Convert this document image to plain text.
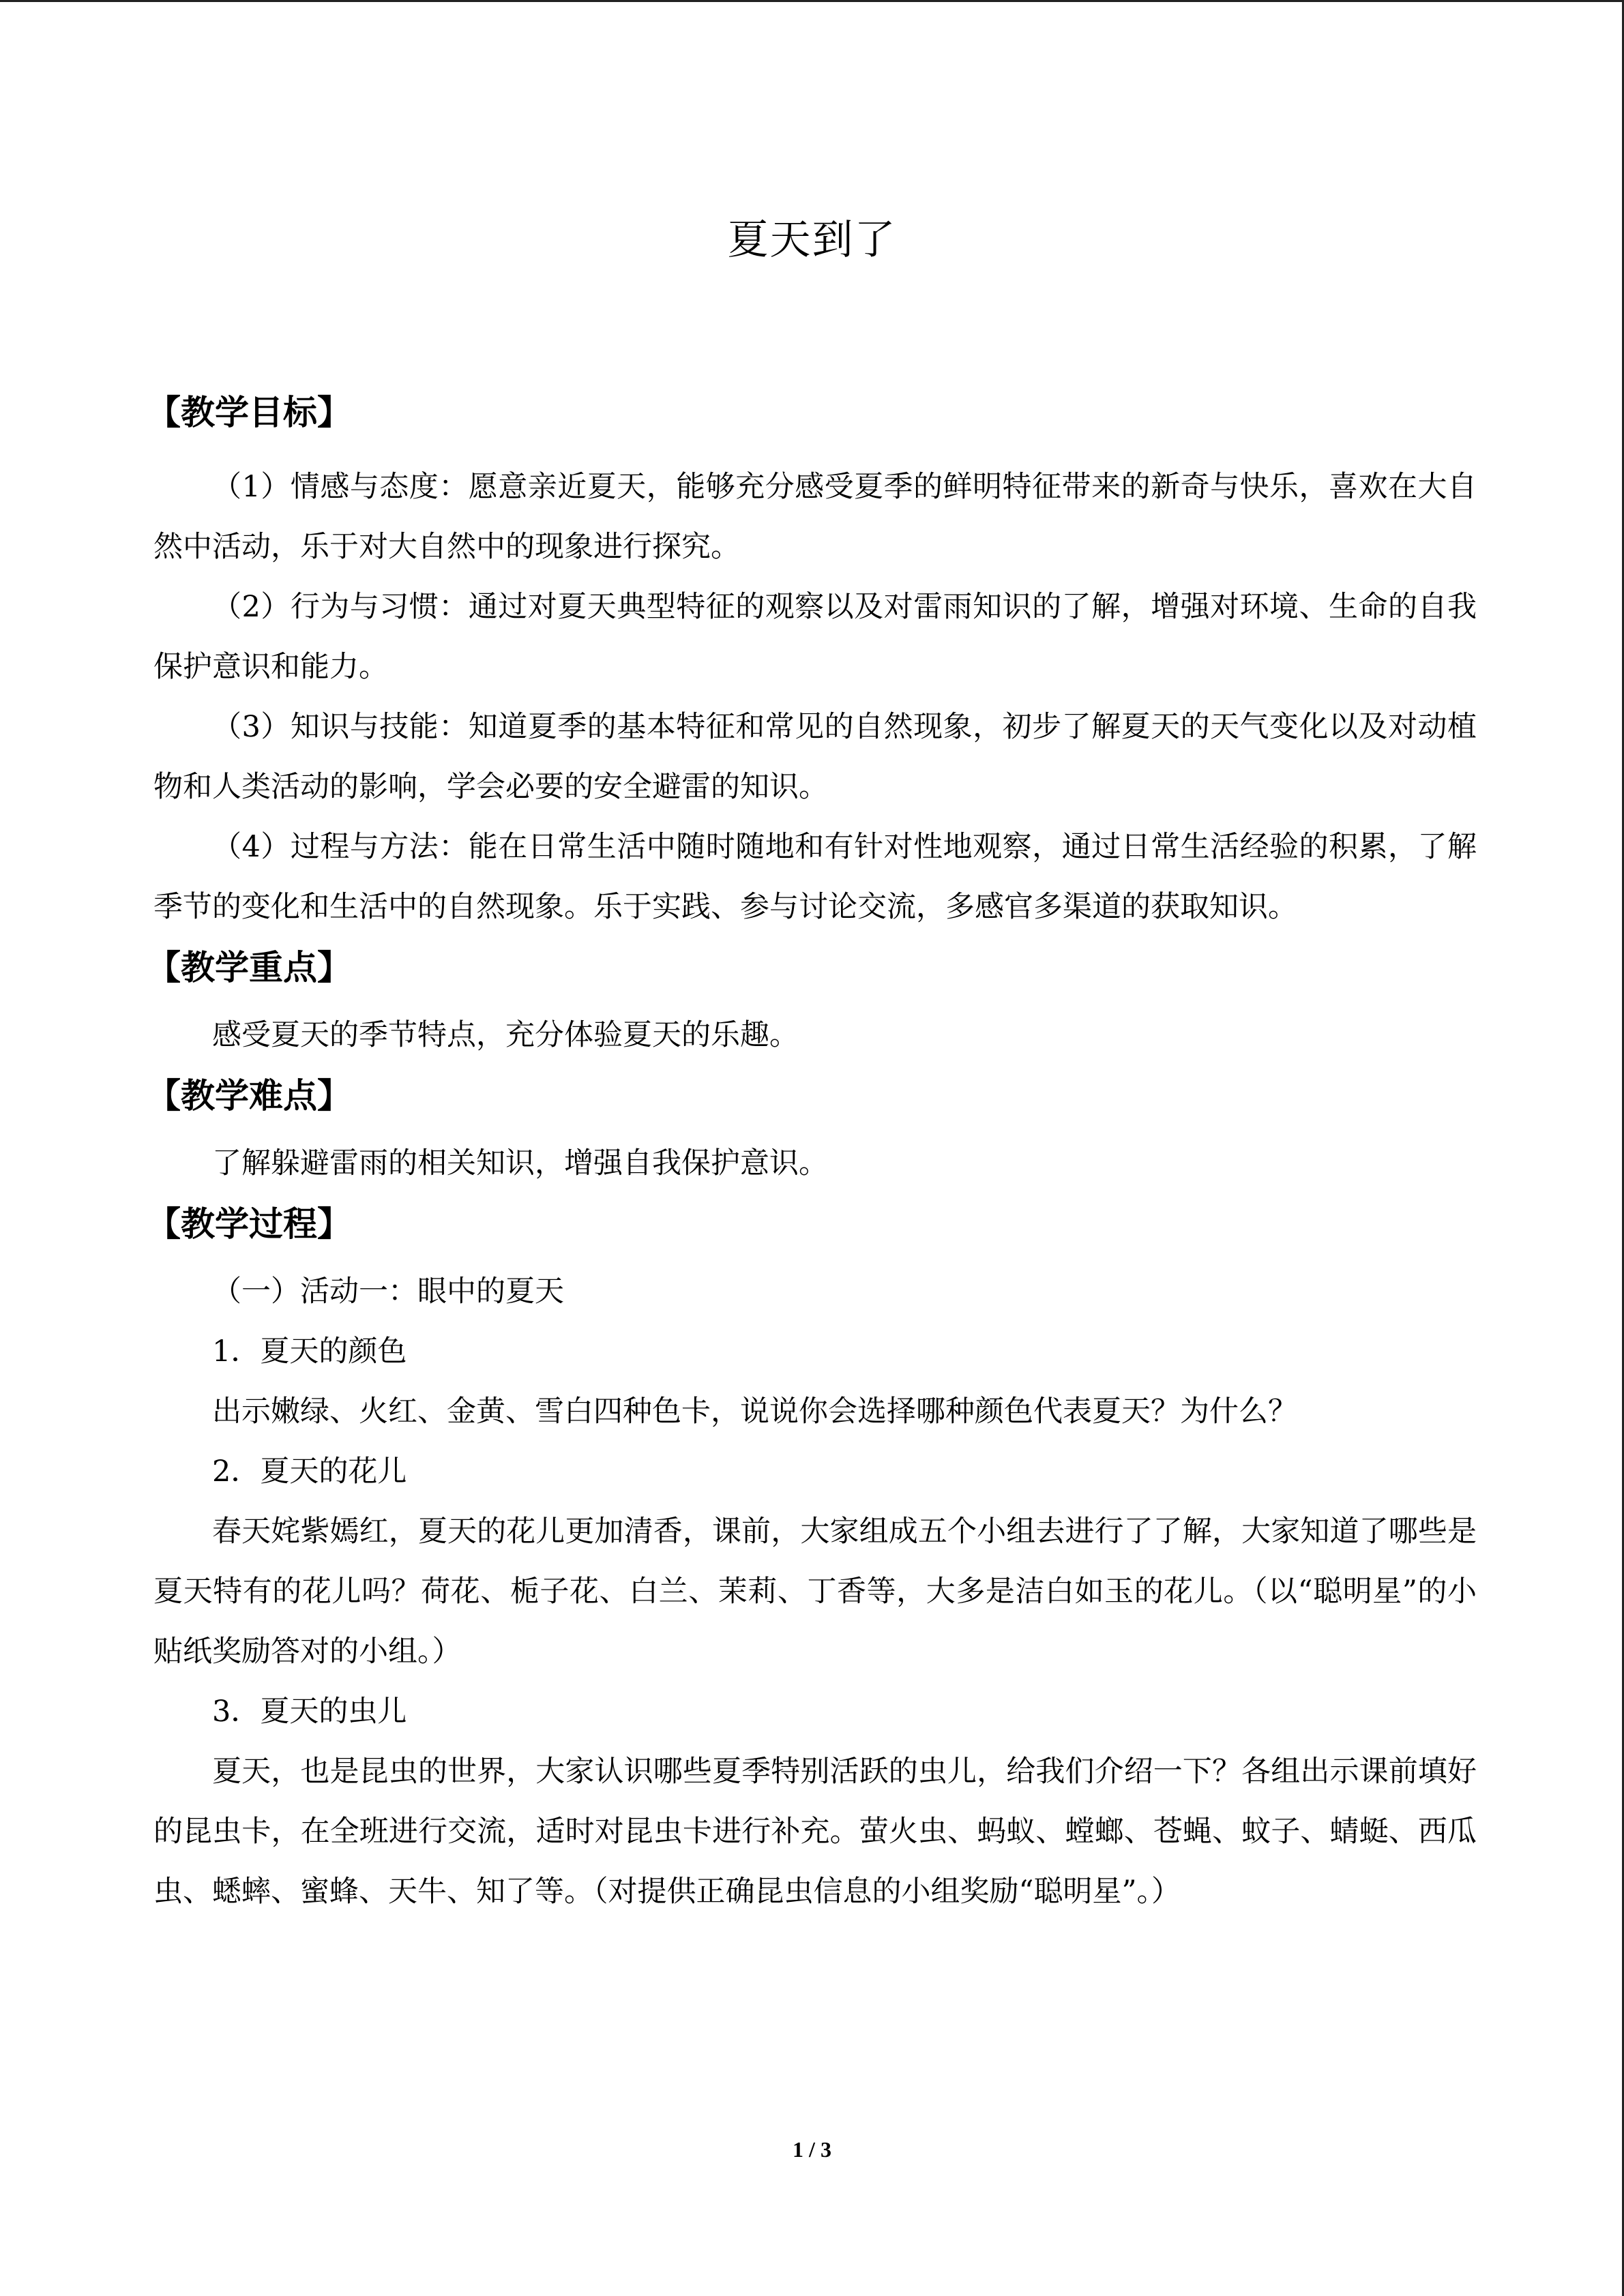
夏天到了
【教学目标】

（1）情感与态度：愿意亲近夏天，能够充分感受夏季的鲜明特征带来的新奇与快乐，喜欢在大自然中活动，乐于对大自然中的现象进行探究。

（2）行为与习惯：通过对夏天典型特征的观察以及对雷雨知识的了解，增强对环境、生命的自我保护意识和能力。

（3）知识与技能：知道夏季的基本特征和常见的自然现象，初步了解夏天的天气变化以及对动植物和人类活动的影响，学会必要的安全避雷的知识。

（4）过程与方法：能在日常生活中随时随地和有针对性地观察，通过日常生活经验的积累，了解季节的变化和生活中的自然现象。乐于实践、参与讨论交流，多感官多渠道的获取知识。

【教学重点】

感受夏天的季节特点，充分体验夏天的乐趣。

【教学难点】

了解躲避雷雨的相关知识，增强自我保护意识。

【教学过程】

（一）活动一：眼中的夏天

1．夏天的颜色

出示嫩绿、火红、金黄、雪白四种色卡，说说你会选择哪种颜色代表夏天？为什么？

2．夏天的花儿

春天姹紫嫣红，夏天的花儿更加清香，课前，大家组成五个小组去进行了了解，大家知道了哪些是夏天特有的花儿吗？荷花、栀子花、白兰、茉莉、丁香等，大多是洁白如玉的花儿。（以“聪明星”的小贴纸奖励答对的小组。）

3．夏天的虫儿

夏天，也是昆虫的世界，大家认识哪些夏季特别活跃的虫儿，给我们介绍一下？各组出示课前填好的昆虫卡，在全班进行交流，适时对昆虫卡进行补充。萤火虫、蚂蚁、螳螂、苍蝇、蚊子、蜻蜓、西瓜虫、蟋蟀、蜜蜂、天牛、知了等。（对提供正确昆虫信息的小组奖励“聪明星”。）

1 / 3
